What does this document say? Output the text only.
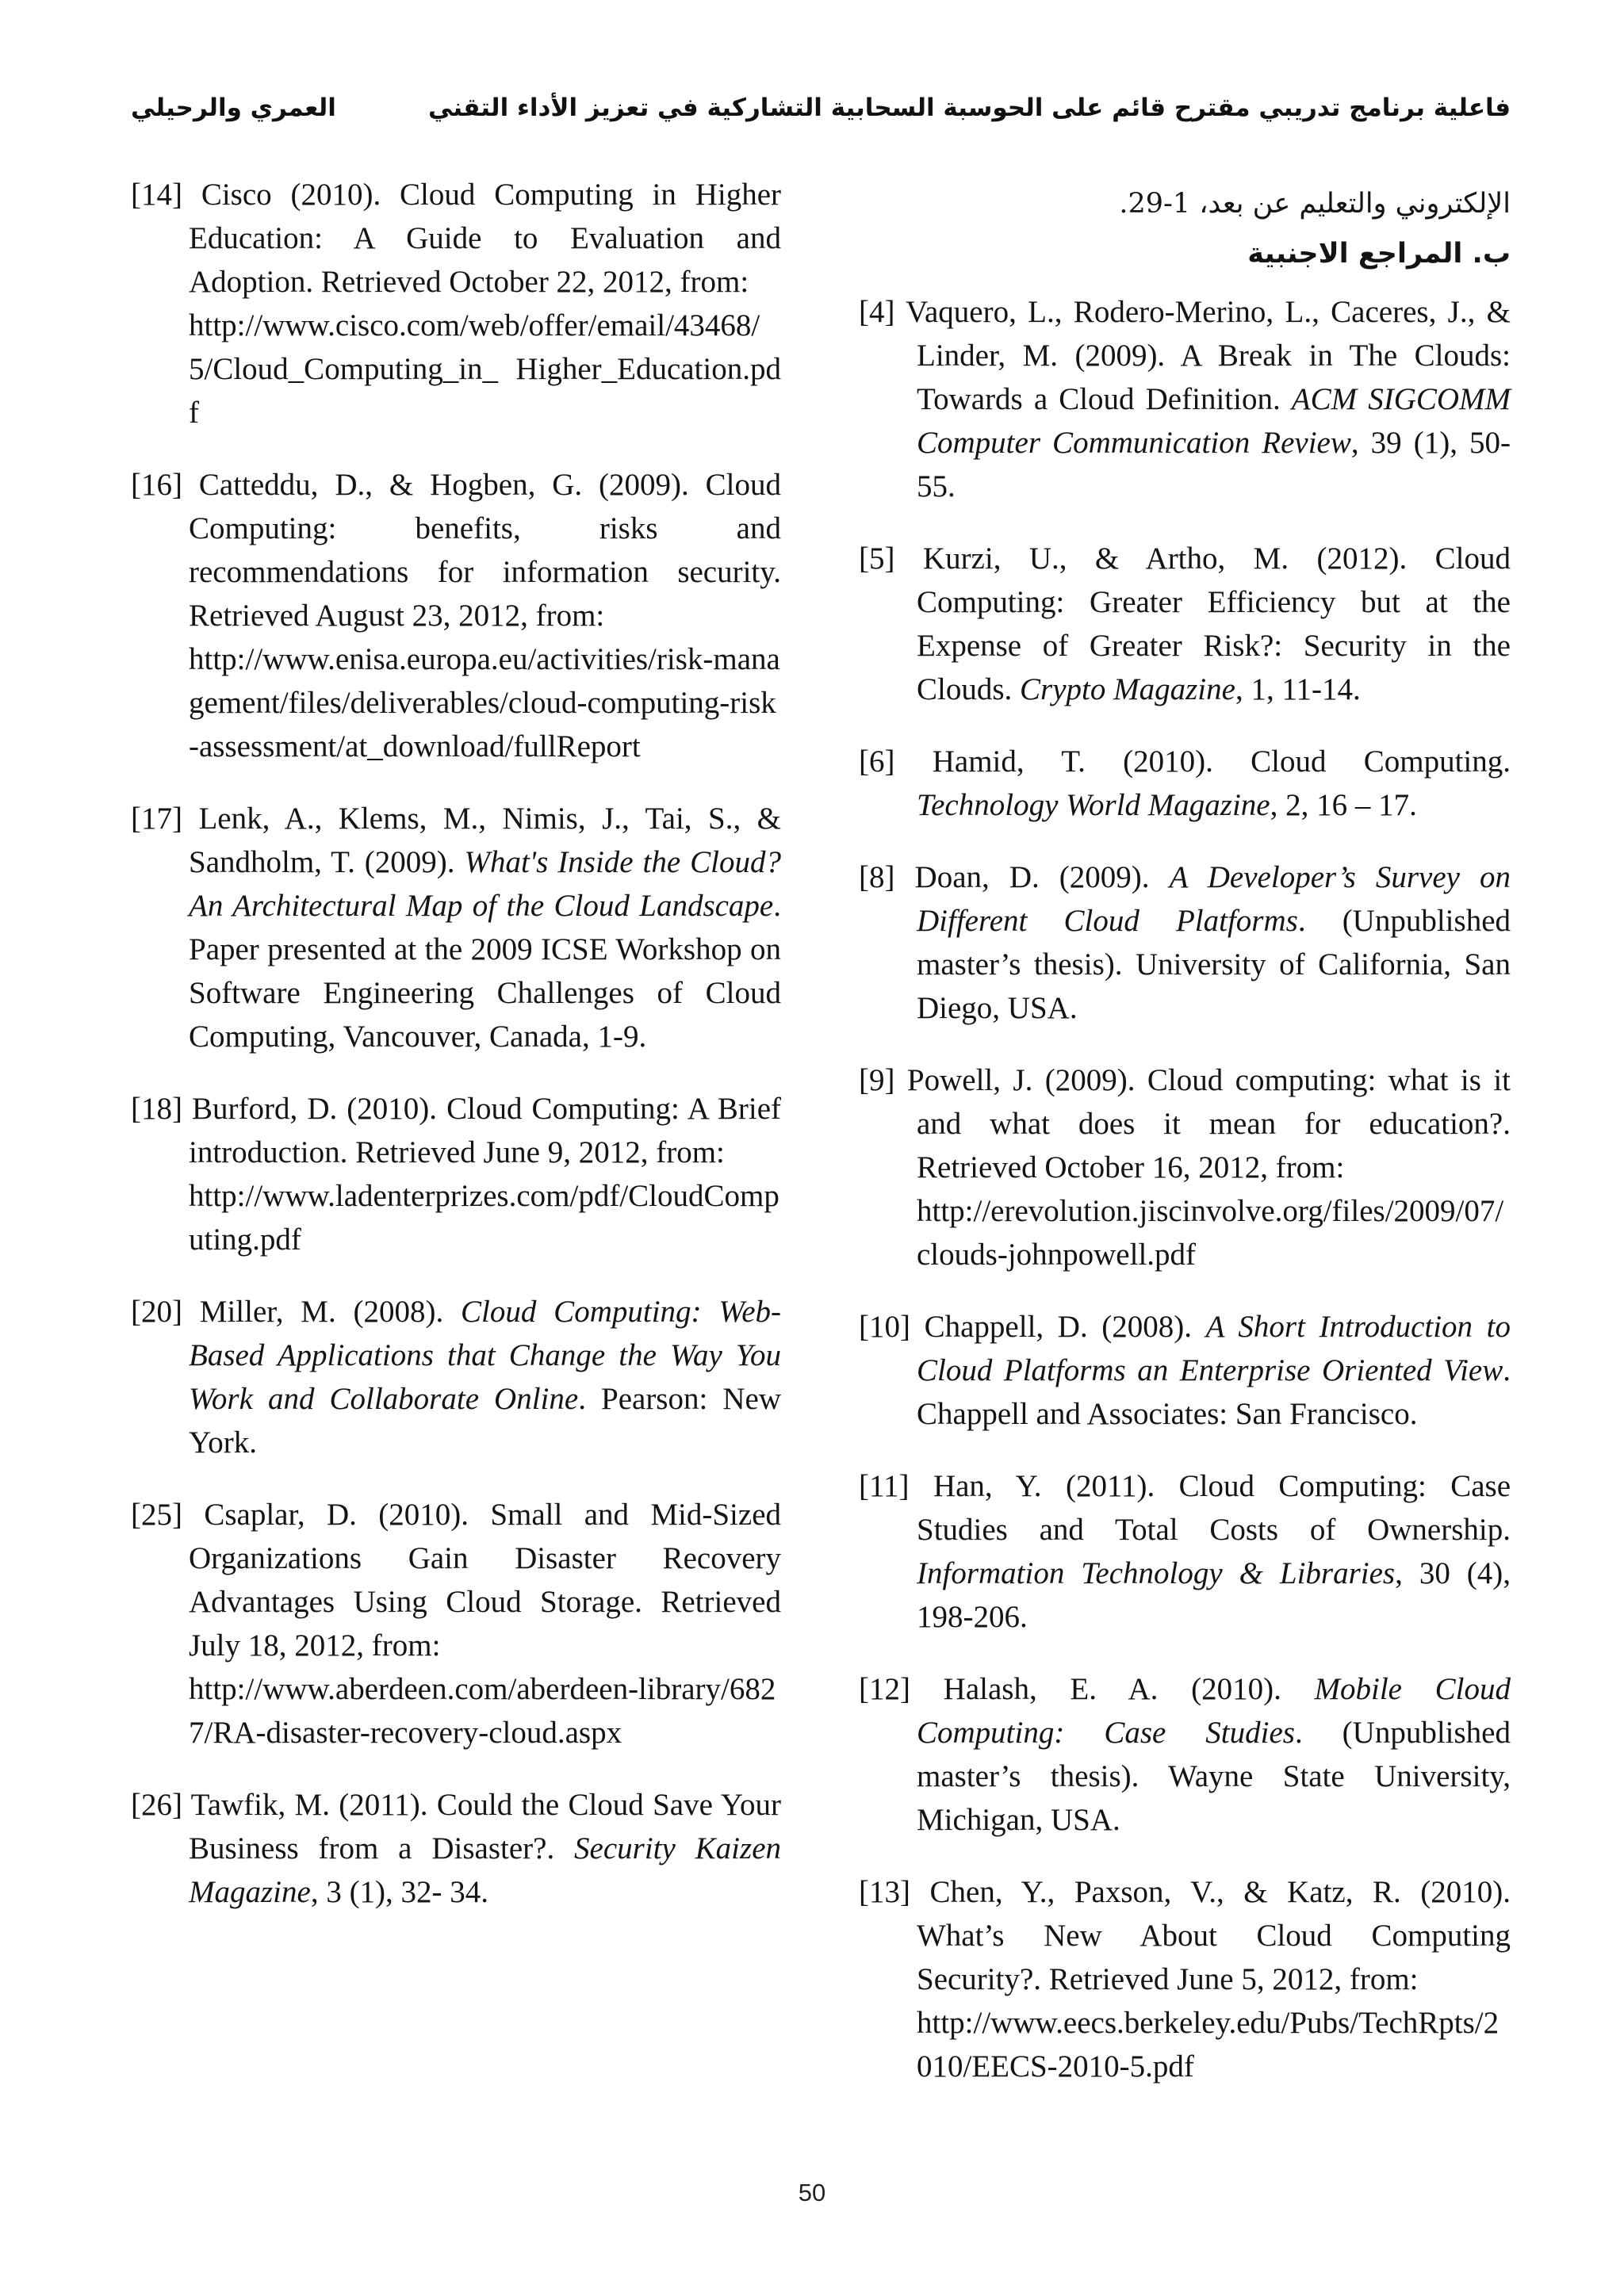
فاعلية برنامج تدريبي مقترح قائم على الحوسبة السحابية التشاركية في تعزيز الأداء التقني
العمري والرحيلي

[14] Cisco (2010). Cloud Computing in Higher Education: A Guide to Evaluation and Adoption. Retrieved October 22, 2012, from:
http://www.cisco.com/web/offer/email/43468/5/Cloud_Computing_in_ Higher_Education.pdf

[16] Catteddu, D., & Hogben, G. (2009). Cloud Computing: benefits, risks and recommendations for information security. Retrieved August 23, 2012, from:
http://www.enisa.europa.eu/activities/risk-management/files/deliverables/cloud-computing-risk-assessment/at_download/fullReport

[17] Lenk, A., Klems, M., Nimis, J., Tai, S., & Sandholm, T. (2009). What's Inside the Cloud? An Architectural Map of the Cloud Landscape. Paper presented at the 2009 ICSE Workshop on Software Engineering Challenges of Cloud Computing, Vancouver, Canada, 1-9.

[18] Burford, D. (2010). Cloud Computing: A Brief introduction. Retrieved June 9, 2012, from:
http://www.ladenterprizes.com/pdf/CloudComputing.pdf

[20] Miller, M. (2008). Cloud Computing: Web-Based Applications that Change the Way You Work and Collaborate Online. Pearson: New York.

[25] Csaplar, D. (2010). Small and Mid-Sized Organizations Gain Disaster Recovery Advantages Using Cloud Storage. Retrieved July 18, 2012, from:
http://www.aberdeen.com/aberdeen-library/6827/RA-disaster-recovery-cloud.aspx

[26] Tawfik, M. (2011). Could the Cloud Save Your Business from a Disaster?. Security Kaizen Magazine, 3 (1), 32- 34.

الإلكتروني والتعليم عن بعد، 1-29.
ب. المراجع الاجنبية

[4] Vaquero, L., Rodero-Merino, L., Caceres, J., & Linder, M. (2009). A Break in The Clouds: Towards a Cloud Definition. ACM SIGCOMM Computer Communication Review, 39 (1), 50-55.

[5] Kurzi, U., & Artho, M. (2012). Cloud Computing: Greater Efficiency but at the Expense of Greater Risk?: Security in the Clouds. Crypto Magazine, 1, 11-14.

[6] Hamid, T. (2010). Cloud Computing. Technology World Magazine, 2, 16 – 17.

[8] Doan, D. (2009). A Developer’s Survey on Different Cloud Platforms. (Unpublished master’s thesis). University of California, San Diego, USA.

[9] Powell, J. (2009). Cloud computing: what is it and what does it mean for education?. Retrieved October 16, 2012, from:
http://erevolution.jiscinvolve.org/files/2009/07/clouds-johnpowell.pdf

[10] Chappell, D. (2008). A Short Introduction to Cloud Platforms an Enterprise Oriented View. Chappell and Associates: San Francisco.

[11] Han, Y. (2011). Cloud Computing: Case Studies and Total Costs of Ownership. Information Technology & Libraries, 30 (4), 198-206.

[12] Halash, E. A. (2010). Mobile Cloud Computing: Case Studies. (Unpublished master’s thesis). Wayne State University, Michigan, USA.

[13] Chen, Y., Paxson, V., & Katz, R. (2010). What’s New About Cloud Computing Security?. Retrieved June 5, 2012, from:
http://www.eecs.berkeley.edu/Pubs/TechRpts/2010/EECS-2010-5.pdf

50
